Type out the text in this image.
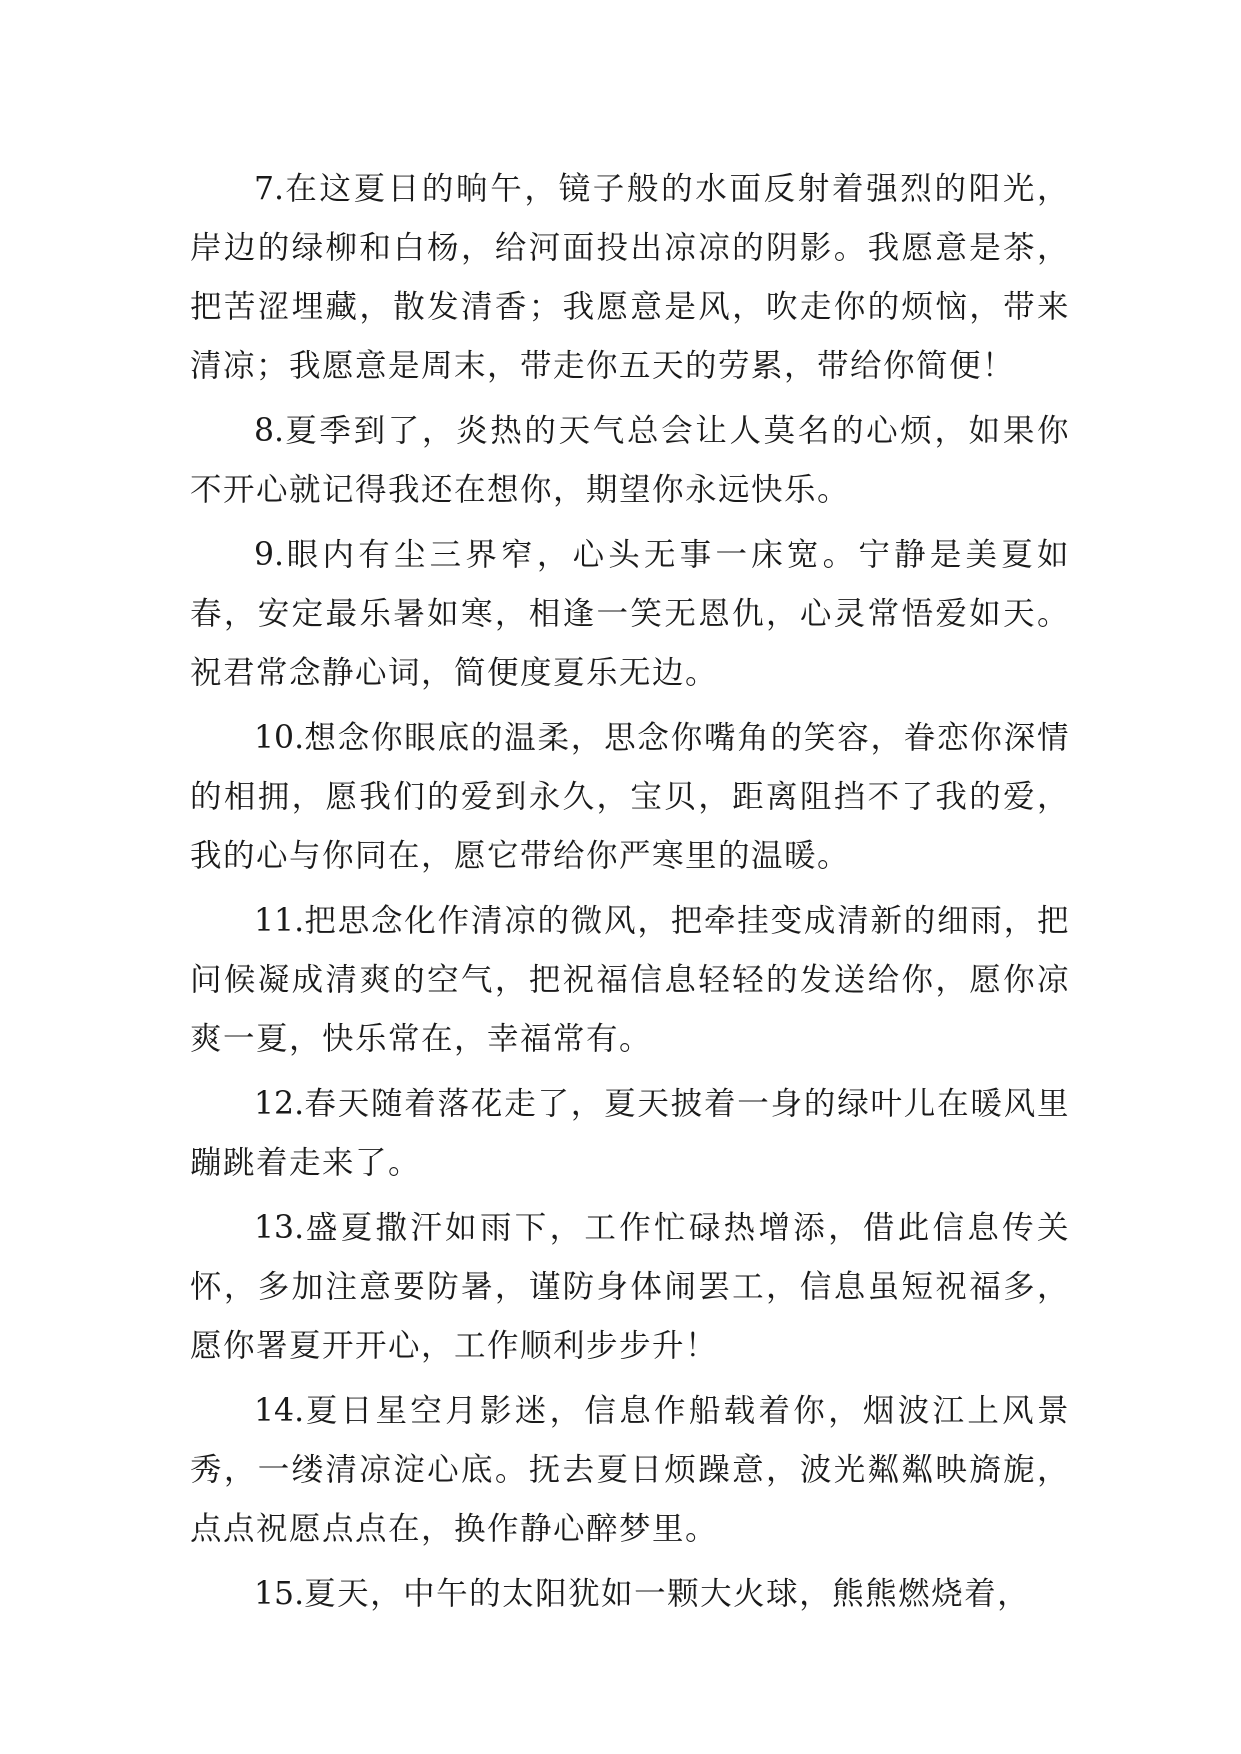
7.在这夏日的晌午，镜子般的水面反射着强烈的阳光，岸边的绿柳和白杨，给河面投出凉凉的阴影。我愿意是茶，把苦涩埋藏，散发清香；我愿意是风，吹走你的烦恼，带来清凉；我愿意是周末，带走你五天的劳累，带给你简便！

8.夏季到了，炎热的天气总会让人莫名的心烦，如果你不开心就记得我还在想你，期望你永远快乐。

9.眼内有尘三界窄，心头无事一床宽。宁静是美夏如春，安定最乐暑如寒，相逢一笑无恩仇，心灵常悟爱如天。祝君常念静心词，简便度夏乐无边。

10.想念你眼底的温柔，思念你嘴角的笑容，眷恋你深情的相拥，愿我们的爱到永久，宝贝，距离阻挡不了我的爱，我的心与你同在，愿它带给你严寒里的温暖。

11.把思念化作清凉的微风，把牵挂变成清新的细雨，把问候凝成清爽的空气，把祝福信息轻轻的发送给你，愿你凉爽一夏，快乐常在，幸福常有。

12.春天随着落花走了，夏天披着一身的绿叶儿在暖风里蹦跳着走来了。

13.盛夏撒汗如雨下，工作忙碌热增添，借此信息传关怀，多加注意要防暑，谨防身体闹罢工，信息虽短祝福多，愿你署夏开开心，工作顺利步步升！

14.夏日星空月影迷，信息作船载着你，烟波江上风景秀，一缕清凉淀心底。抚去夏日烦躁意，波光粼粼映旖旎，点点祝愿点点在，换作静心醉梦里。

15.夏天，中午的太阳犹如一颗大火球，熊熊燃烧着，
